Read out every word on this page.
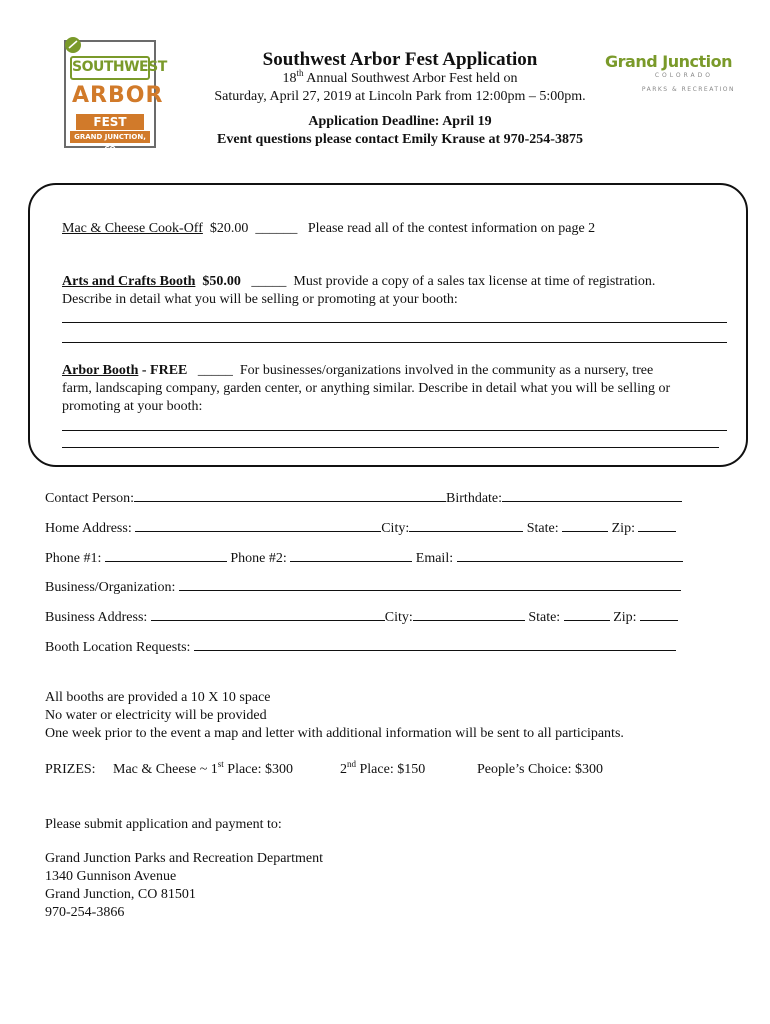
SOUTHWEST
ARBOR
FEST
GRAND JUNCTION, CO
Grand Junction
COLORADO
PARKS & RECREATION
Southwest Arbor Fest Application
18th Annual Southwest Arbor Fest held on
Saturday, April 27, 2019 at Lincoln Park from 12:00pm – 5:00pm.
Application Deadline: April 19
Event questions please contact Emily Krause at 970-254-3875
Mac & Cheese Cook-Off $20.00 ______ Please read all of the contest information on page 2
Arts and Crafts Booth $50.00 _____ Must provide a copy of a sales tax license at time of registration.
Describe in detail what you will be selling or promoting at your booth:
Arbor Booth - FREE _____ For businesses/organizations involved in the community as a nursery, tree
farm, landscaping company, garden center, or anything similar. Describe in detail what you will be selling or
promoting at your booth:
Contact Person:	Birthdate:
Home Address:	City:	State:	Zip:
Phone #1:	Phone #2:	Email:
Business/Organization:
Business Address:	City:	State:	Zip:
Booth Location Requests:
All booths are provided a 10 X 10 space
No water or electricity will be provided
One week prior to the event a map and letter with additional information will be sent to all participants.
PRIZES: Mac & Cheese ~ 1st Place: $300	2nd Place: $150	People’s Choice: $300
Please submit application and payment to:
Grand Junction Parks and Recreation Department
1340 Gunnison Avenue
Grand Junction, CO 81501
970-254-3866
